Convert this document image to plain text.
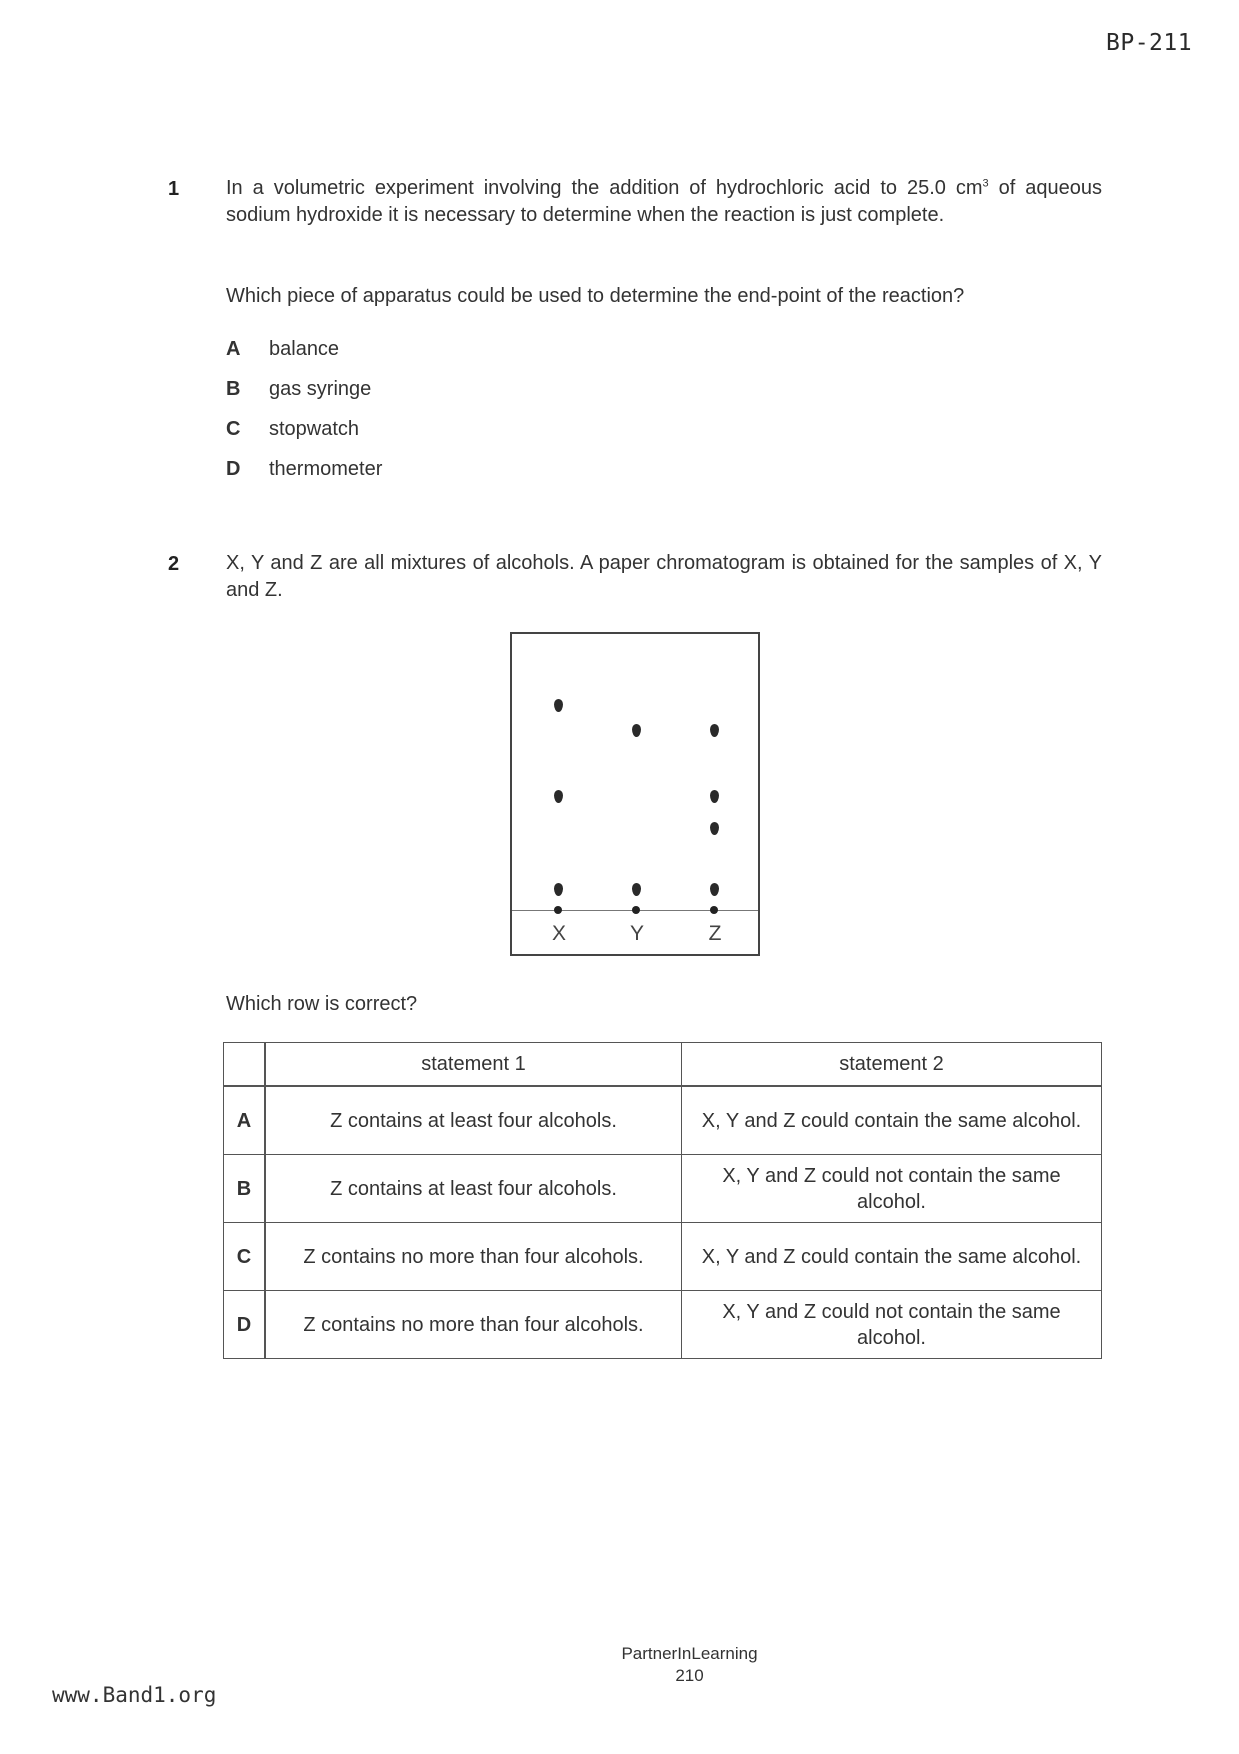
BP-211
1 In a volumetric experiment involving the addition of hydrochloric acid to 25.0 $cm^3$ of aqueous sodium hydroxide it is necessary to determine when the reaction is just complete.
Which piece of apparatus could be used to determine the end-point of the reaction?
A balance
B gas syringe
C stopwatch
D thermometer
2 X, Y and Z are all mixtures of alcohols. A paper chromatogram is obtained for the samples of X, Y and Z.
X	Y	Z
Which row is correct?
	statement 1	statement 2
A	Z contains at least four alcohols.	X, Y and Z could contain the same alcohol.
B	Z contains at least four alcohols.	X, Y and Z could not contain the same alcohol.
C	Z contains no more than four alcohols.	X, Y and Z could contain the same alcohol.
D	Z contains no more than four alcohols.	X, Y and Z could not contain the same alcohol.
PartnerInLearning
210
www.Band1.org
